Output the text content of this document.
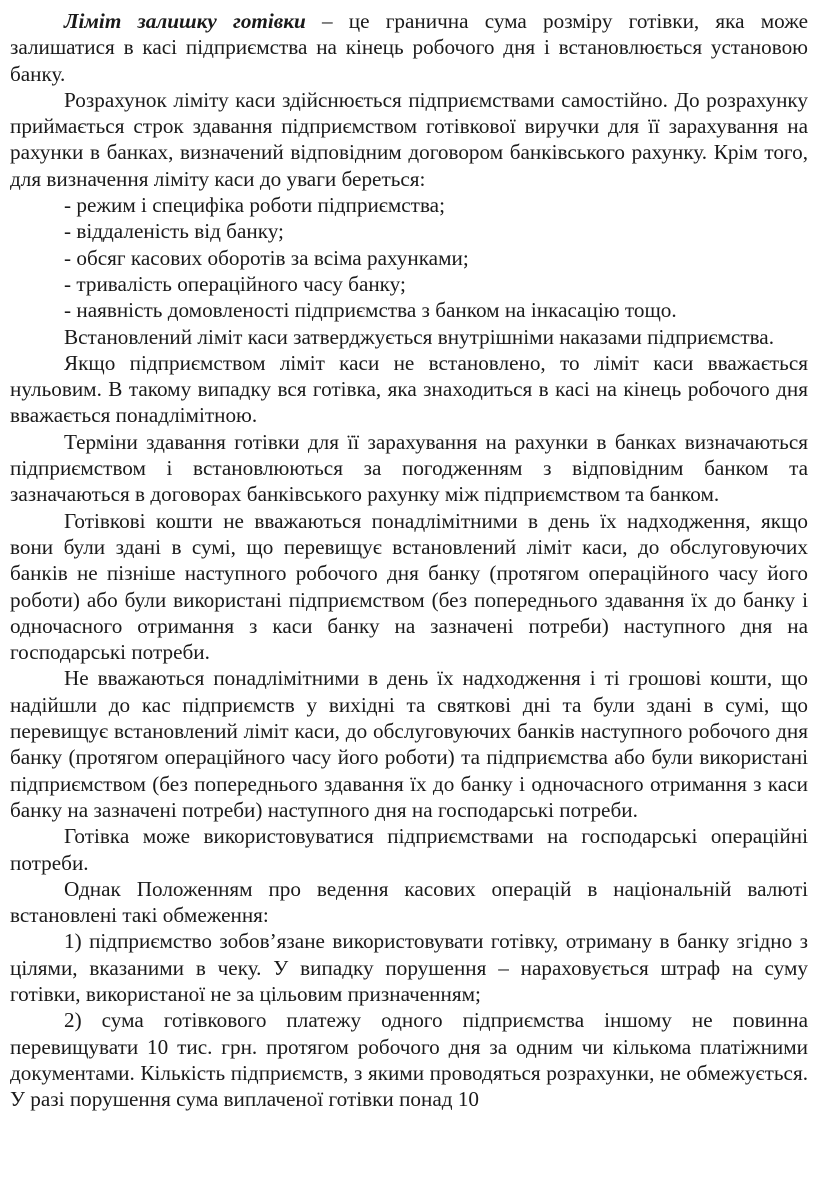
Ліміт залишку готівки – це гранична сума розміру готівки, яка може залишатися в касі підприємства на кінець робочого дня і встановлюється установою банку.

Розрахунок ліміту каси здійснюється підприємствами самостійно. До розрахунку приймається строк здавання підприємством готівкової виручки для її зарахування на рахунки в банках, визначений відповідним договором банківського рахунку. Крім того, для визначення ліміту каси до уваги береться:

- режим і специфіка роботи підприємства;
- віддаленість від банку;
- обсяг касових оборотів за всіма рахунками;
- тривалість операційного часу банку;
- наявність домовленості підприємства з банком на інкасацію тощо.

Встановлений ліміт каси затверджується внутрішніми наказами підприємства.

Якщо підприємством ліміт каси не встановлено, то ліміт каси вважається нульовим. В такому випадку вся готівка, яка знаходиться в касі на кінець робочого дня вважається понадлімітною.

Терміни здавання готівки для її зарахування на рахунки в банках визначаються підприємством і встановлюються за погодженням з відповідним банком та зазначаються в договорах банківського рахунку між підприємством та банком.

Готівкові кошти не вважаються понадлімітними в день їх надходження, якщо вони були здані в сумі, що перевищує встановлений ліміт каси, до обслуговуючих банків не пізніше наступного робочого дня банку (протягом операційного часу його роботи) або були використані підприємством (без попереднього здавання їх до банку і одночасного отримання з каси банку на зазначені потреби) наступного дня на господарські потреби.

Не вважаються понадлімітними в день їх надходження і ті грошові кошти, що надійшли до кас підприємств у вихідні та святкові дні та були здані в сумі, що перевищує встановлений ліміт каси, до обслуговуючих банків наступного робочого дня банку (протягом операційного часу його роботи) та підприємства або були використані підприємством (без попереднього здавання їх до банку і одночасного отримання з каси банку на зазначені потреби) наступного дня на господарські потреби.

Готівка може використовуватися підприємствами на господарські операційні потреби.

Однак Положенням про ведення касових операцій в національній валюті встановлені такі обмеження:

1) підприємство зобов’язане використовувати готівку, отриману в банку згідно з цілями, вказаними в чеку. У випадку порушення – нараховується штраф на суму готівки, використаної не за цільовим призначенням;

2) сума готівкового платежу одного підприємства іншому не повинна перевищувати 10 тис. грн. протягом робочого дня за одним чи кількома платіжними документами. Кількість підприємств, з якими проводяться розрахунки, не обмежується. У разі порушення сума виплаченої готівки понад 10
